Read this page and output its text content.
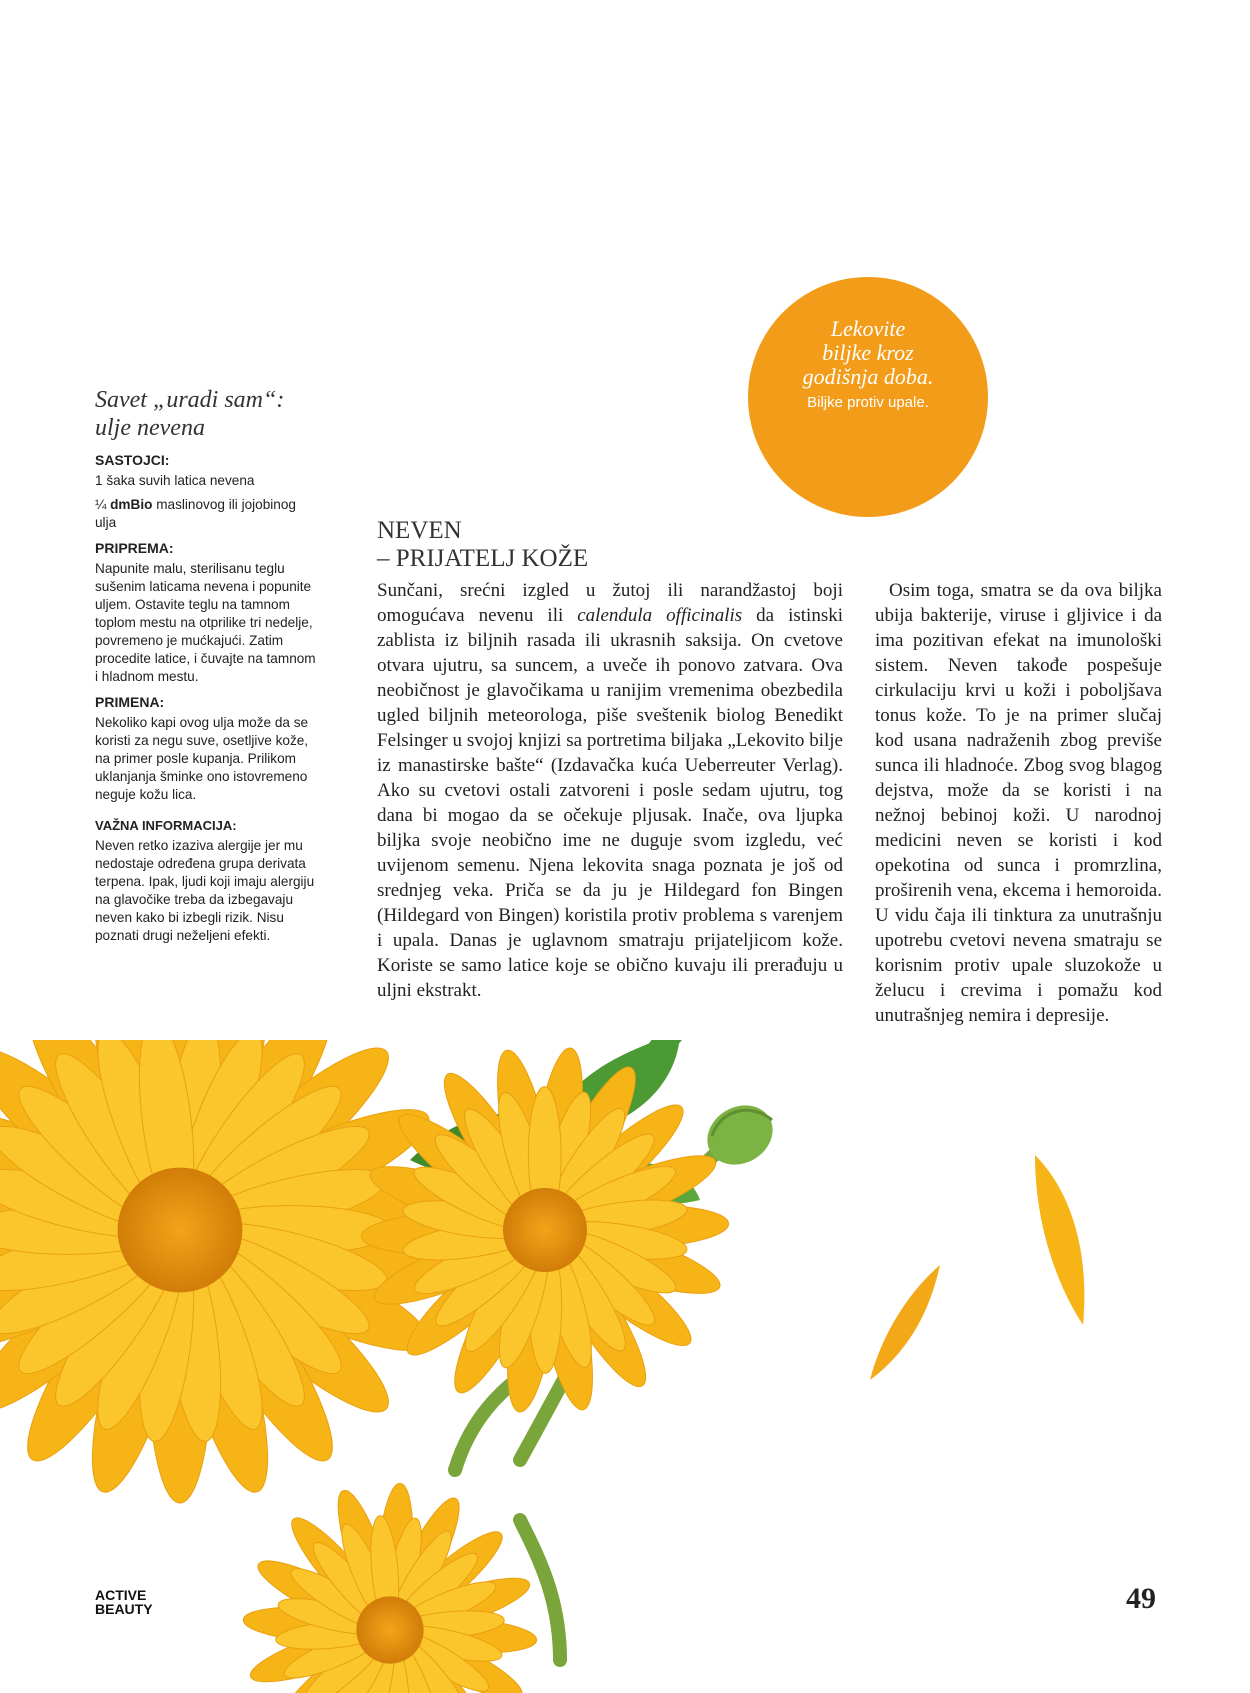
Lekovite
biljke kroz
godišnja doba.
Biljke protiv upale.
Savet „uradi sam“:
ulje nevena
SASTOJCI:

1 šaka suvih latica nevena

¼ dmBio maslinovog ili jojobinog ulja

PRIPREMA:

Napunite malu, sterilisanu teglu sušenim laticama nevena i popunite uljem. Ostavite teglu na tamnom toplom mestu na otprilike tri nedelje, povremeno je mućkajući. Zatim procedite latice, i čuvajte na tamnom i hladnom mestu.

PRIMENA:

Nekoliko kapi ovog ulja može da se koristi za negu suve, osetljive kože, na primer posle kupanja. Prilikom uklanjanja šminke ono istovremeno neguje kožu lica.

VAŽNA INFORMACIJA:

Neven retko izaziva alergije jer mu nedostaje određena grupa derivata terpena. Ipak, ljudi koji imaju alergiju na glavočike treba da izbegavaju neven kako bi izbegli rizik. Nisu poznati drugi neželjeni efekti.

NEVEN
– PRIJATELJ KOŽE

Sunčani, srećni izgled u žutoj ili narandžastoj boji omogućava nevenu ili calendula officinalis da istinski zablista iz biljnih rasada ili ukrasnih saksija. On cvetove otvara ujutru, sa suncem, a uveče ih ponovo zatvara. Ova neobičnost je glavočikama u ranijim vremenima obezbedila ugled biljnih meteorologa, piše sveštenik biolog Benedikt Felsinger u svojoj knjizi sa portretima biljaka „Lekovito bilje iz manastirske bašte“ (Izdavačka kuća Ueberreuter Verlag). Ako su cvetovi ostali zatvoreni i posle sedam ujutru, tog dana bi mogao da se očekuje pljusak. Inače, ova ljupka biljka svoje neobično ime ne duguje svom izgledu, već uvijenom semenu. Njena lekovita snaga poznata je još od srednjeg veka. Priča se da ju je Hildegard fon Bingen (Hildegard von Bingen) koristila protiv problema s varenjem i upala. Danas je uglavnom smatraju prijateljicom kože. Koriste se samo latice koje se obično kuvaju ili prerađuju u uljni ekstrakt.

Osim toga, smatra se da ova biljka ubija bakterije, viruse i gljivice i da ima pozitivan efekat na imunološki sistem. Neven takođe pospešuje cirkulaciju krvi u koži i poboljšava tonus kože. To je na primer slučaj kod usana nadraženih zbog previše sunca ili hladnoće. Zbog svog blagog dejstva, može da se koristi i na nežnoj bebinoj koži. U narodnoj medicini neven se koristi i kod opekotina od sunca i promrzlina, proširenih vena, ekcema i hemoroida. U vidu čaja ili tinktura za unutrašnju upotrebu cvetovi nevena smatraju se korisnim protiv upale sluzokože u želucu i crevima i pomažu kod unutrašnjeg nemira i depresije.

ACTIVE
BEAUTY	49
